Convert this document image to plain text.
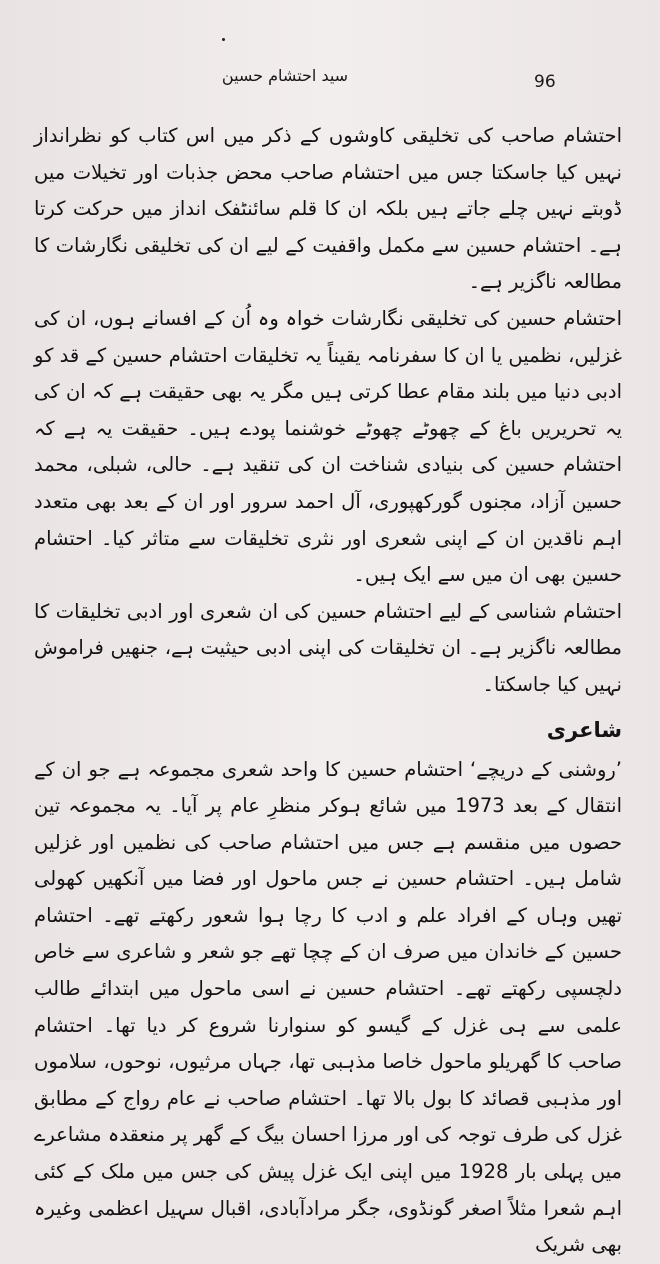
96
سید احتشام حسین

احتشام صاحب کی تخلیقی کاوشوں کے ذکر میں اس کتاب کو نظرانداز نہیں کیا جاسکتا جس میں احتشام صاحب محض جذبات اور تخیلات میں ڈوبتے نہیں چلے جاتے ہیں بلکہ ان کا قلم سائنٹفک انداز میں حرکت کرتا ہے۔ احتشام حسین سے مکمل واقفیت کے لیے ان کی تخلیقی نگارشات کا مطالعہ ناگزیر ہے۔

احتشام حسین کی تخلیقی نگارشات خواہ وہ اُن کے افسانے ہوں، ان کی غزلیں، نظمیں یا ان کا سفرنامہ یقیناً یہ تخلیقات احتشام حسین کے قد کو ادبی دنیا میں بلند مقام عطا کرتی ہیں مگر یہ بھی حقیقت ہے کہ ان کی یہ تحریریں باغ کے چھوٹے چھوٹے خوشنما پودے ہیں۔ حقیقت یہ ہے کہ احتشام حسین کی بنیادی شناخت ان کی تنقید ہے۔ حالی، شبلی، محمد حسین آزاد، مجنوں گورکھپوری، آل احمد سرور اور ان کے بعد بھی متعدد اہم ناقدین ان کے اپنی شعری اور نثری تخلیقات سے متاثر کیا۔ احتشام حسین بھی ان میں سے ایک ہیں۔

احتشام شناسی کے لیے احتشام حسین کی ان شعری اور ادبی تخلیقات کا مطالعہ ناگزیر ہے۔ ان تخلیقات کی اپنی ادبی حیثیت ہے، جنھیں فراموش نہیں کیا جاسکتا۔

شاعری

’روشنی کے دریچے‘ احتشام حسین کا واحد شعری مجموعہ ہے جو ان کے انتقال کے بعد 1973 میں شائع ہوکر منظرِ عام پر آیا۔ یہ مجموعہ تین حصوں میں منقسم ہے جس میں احتشام صاحب کی نظمیں اور غزلیں شامل ہیں۔ احتشام حسین نے جس ماحول اور فضا میں آنکھیں کھولی تھیں وہاں کے افراد علم و ادب کا رچا ہوا شعور رکھتے تھے۔ احتشام حسین کے خاندان میں صرف ان کے چچا تھے جو شعر و شاعری سے خاص دلچسپی رکھتے تھے۔ احتشام حسین نے اسی ماحول میں ابتدائے طالب علمی سے ہی غزل کے گیسو کو سنوارنا شروع کر دیا تھا۔ احتشام صاحب کا گھریلو ماحول خاصا مذہبی تھا، جہاں مرثیوں، نوحوں، سلاموں اور مذہبی قصائد کا بول بالا تھا۔ احتشام صاحب نے عام رواج کے مطابق غزل کی طرف توجہ کی اور مرزا احسان بیگ کے گھر پر منعقدہ مشاعرے میں پہلی بار 1928 میں اپنی ایک غزل پیش کی جس میں ملک کے کئی اہم شعرا مثلاً اصغر گونڈوی، جگر مرادآبادی، اقبال سہیل اعظمی وغیرہ بھی شریک
